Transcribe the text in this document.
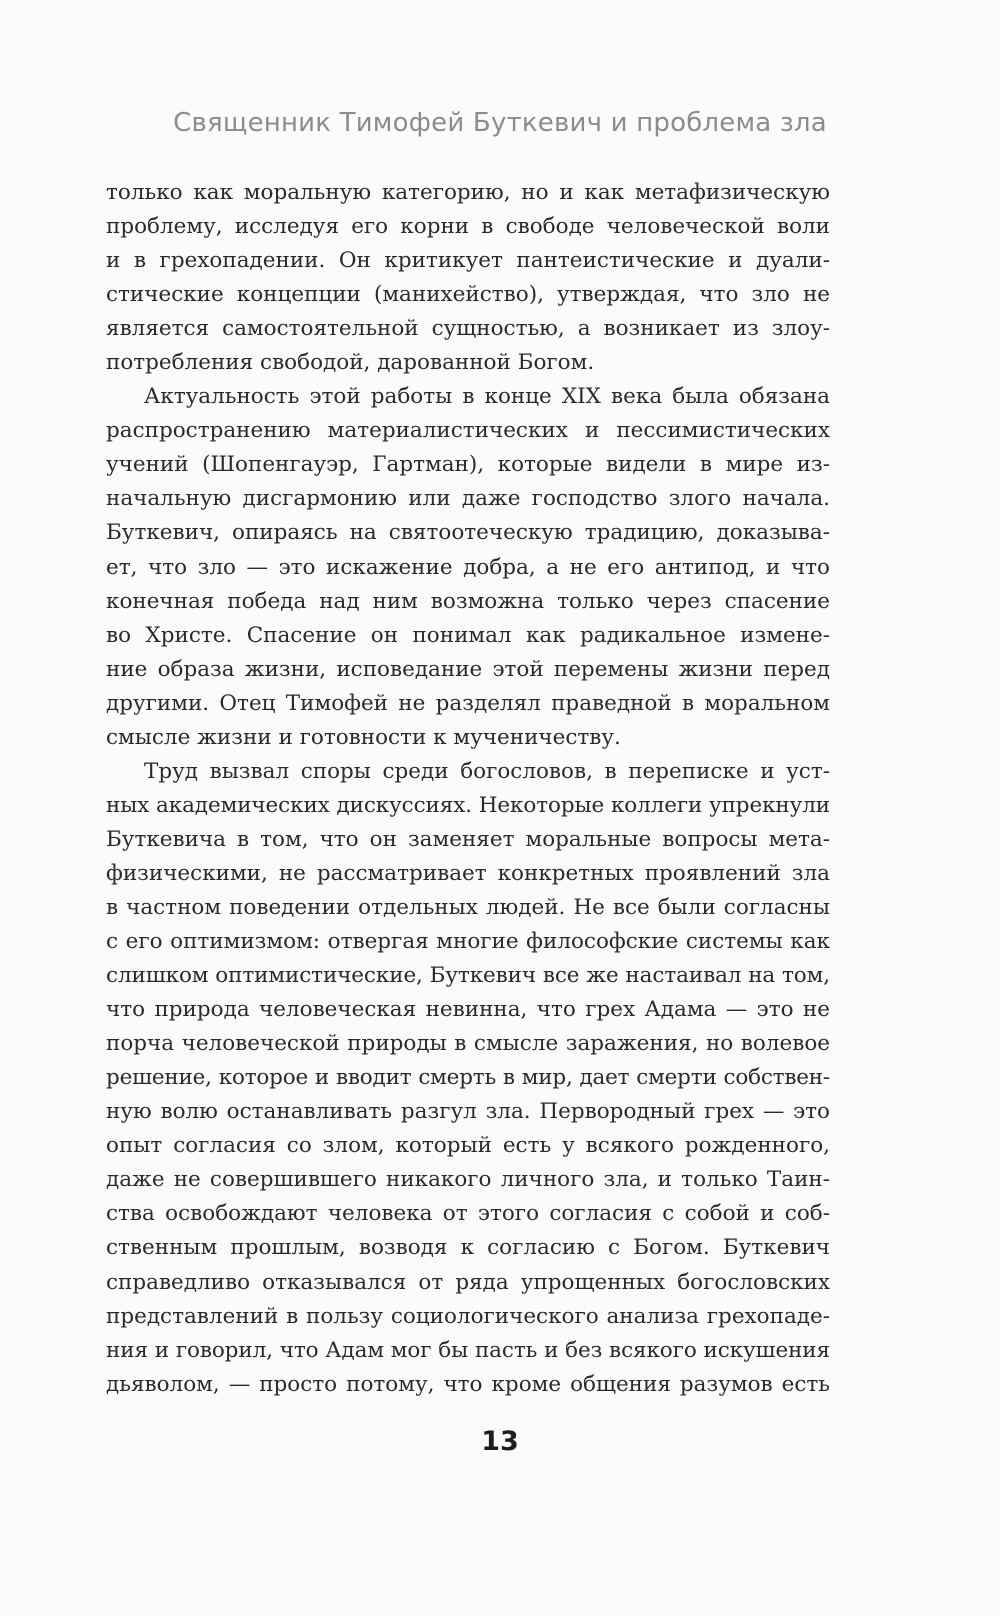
Священник Тимофей Буткевич и проблема зла
только как моральную категорию, но и как метафизическую
проблему, исследуя его корни в свободе человеческой воли
и в грехопадении. Он критикует пантеистические и дуали-
стические концепции (манихейство), утверждая, что зло не
является самостоятельной сущностью, а возникает из злоу-
потребления свободой, дарованной Богом.
Актуальность этой работы в конце XIX века была обязана
распространению материалистических и пессимистических
учений (Шопенгауэр, Гартман), которые видели в мире из-
начальную дисгармонию или даже господство злого начала.
Буткевич, опираясь на святоотеческую традицию, доказыва-
ет, что зло — это искажение добра, а не его антипод, и что
конечная победа над ним возможна только через спасение
во Христе. Спасение он понимал как радикальное измене-
ние образа жизни, исповедание этой перемены жизни перед
другими. Отец Тимофей не разделял праведной в моральном
смысле жизни и готовности к мученичеству.
Труд вызвал споры среди богословов, в переписке и уст-
ных академических дискуссиях. Некоторые коллеги упрекнули
Буткевича в том, что он заменяет моральные вопросы мета-
физическими, не рассматривает конкретных проявлений зла
в частном поведении отдельных людей. Не все были согласны
с его оптимизмом: отвергая многие философские системы как
слишком оптимистические, Буткевич все же настаивал на том,
что природа человеческая невинна, что грех Адама — это не
порча человеческой природы в смысле заражения, но волевое
решение, которое и вводит смерть в мир, дает смерти собствен-
ную волю останавливать разгул зла. Первородный грех — это
опыт согласия со злом, который есть у всякого рожденного,
даже не совершившего никакого личного зла, и только Таин-
ства освобождают человека от этого согласия с собой и соб-
ственным прошлым, возводя к согласию с Богом. Буткевич
справедливо отказывался от ряда упрощенных богословских
представлений в пользу социологического анализа грехопаде-
ния и говорил, что Адам мог бы пасть и без всякого искушения
дьяволом, — просто потому, что кроме общения разумов есть
13
